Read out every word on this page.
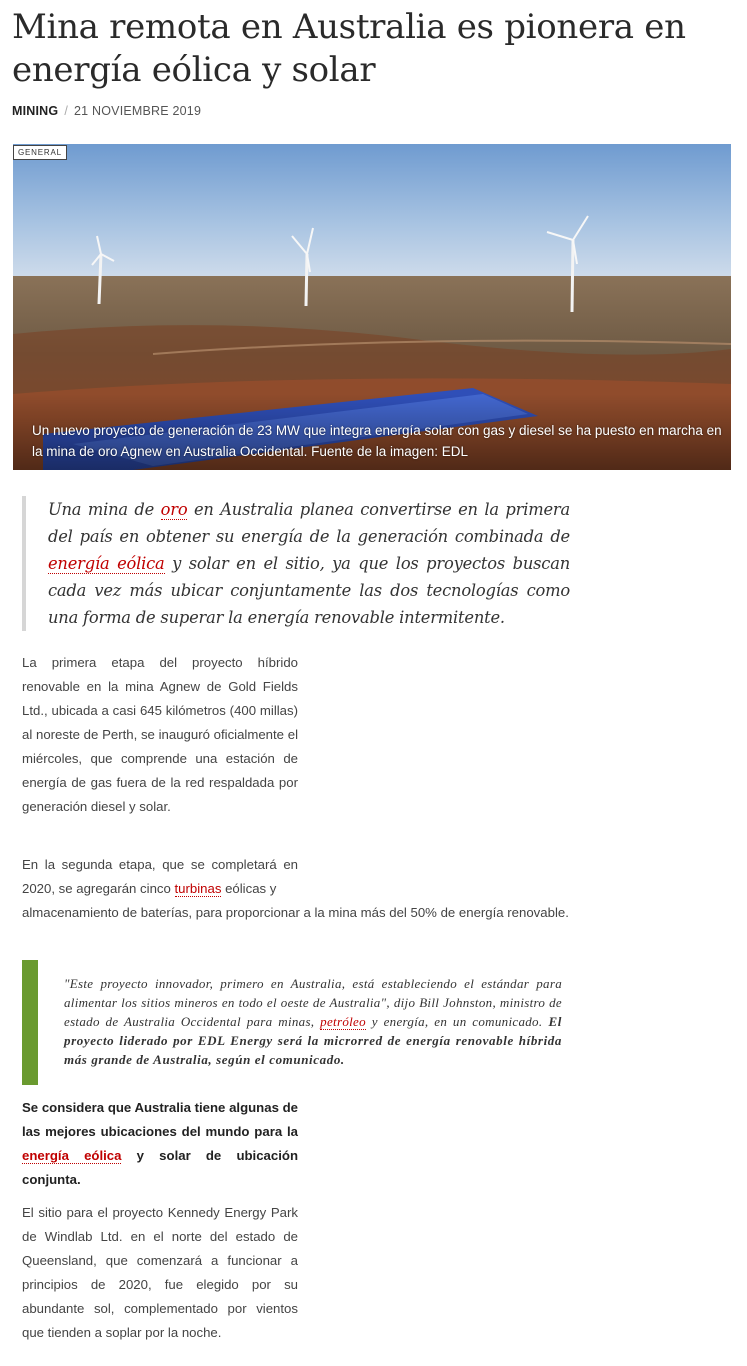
Mina remota en Australia es pionera en energía eólica y solar
MINING / 21 NOVIEMBRE 2019
GENERAL
Un nuevo proyecto de generación de 23 MW que integra energía solar con gas y diesel se ha puesto en marcha en la mina de oro Agnew en Australia Occidental. Fuente de la imagen: EDL
Una mina de oro en Australia planea convertirse en la primera del país en obtener su energía de la generación combinada de energía eólica y solar en el sitio, ya que los proyectos buscan cada vez más ubicar conjuntamente las dos tecnologías como una forma de superar la energía renovable intermitente.
La primera etapa del proyecto híbrido renovable en la mina Agnew de Gold Fields Ltd., ubicada a casi 645 kilómetros (400 millas) al noreste de Perth, se inauguró oficialmente el miércoles, que comprende una estación de energía de gas fuera de la red respaldada por generación diesel y solar.
En la segunda etapa, que se completará en 2020, se agregarán cinco turbinas eólicas y
almacenamiento de baterías, para proporcionar a la mina más del 50% de energía renovable.
"Este proyecto innovador, primero en Australia, está estableciendo el estándar para alimentar los sitios mineros en todo el oeste de Australia", dijo Bill Johnston, ministro de estado de Australia Occidental para minas, petróleo y energía, en un comunicado. El proyecto liderado por EDL Energy será la microrred de energía renovable híbrida más grande de Australia, según el comunicado.
Se considera que Australia tiene algunas de las mejores ubicaciones del mundo para la energía eólica y solar de ubicación conjunta.
El sitio para el proyecto Kennedy Energy Park de Windlab Ltd. en el norte del estado de Queensland, que comenzará a funcionar a principios de 2020, fue elegido por su abundante sol, complementado por vientos que tienden a soplar por la noche.
